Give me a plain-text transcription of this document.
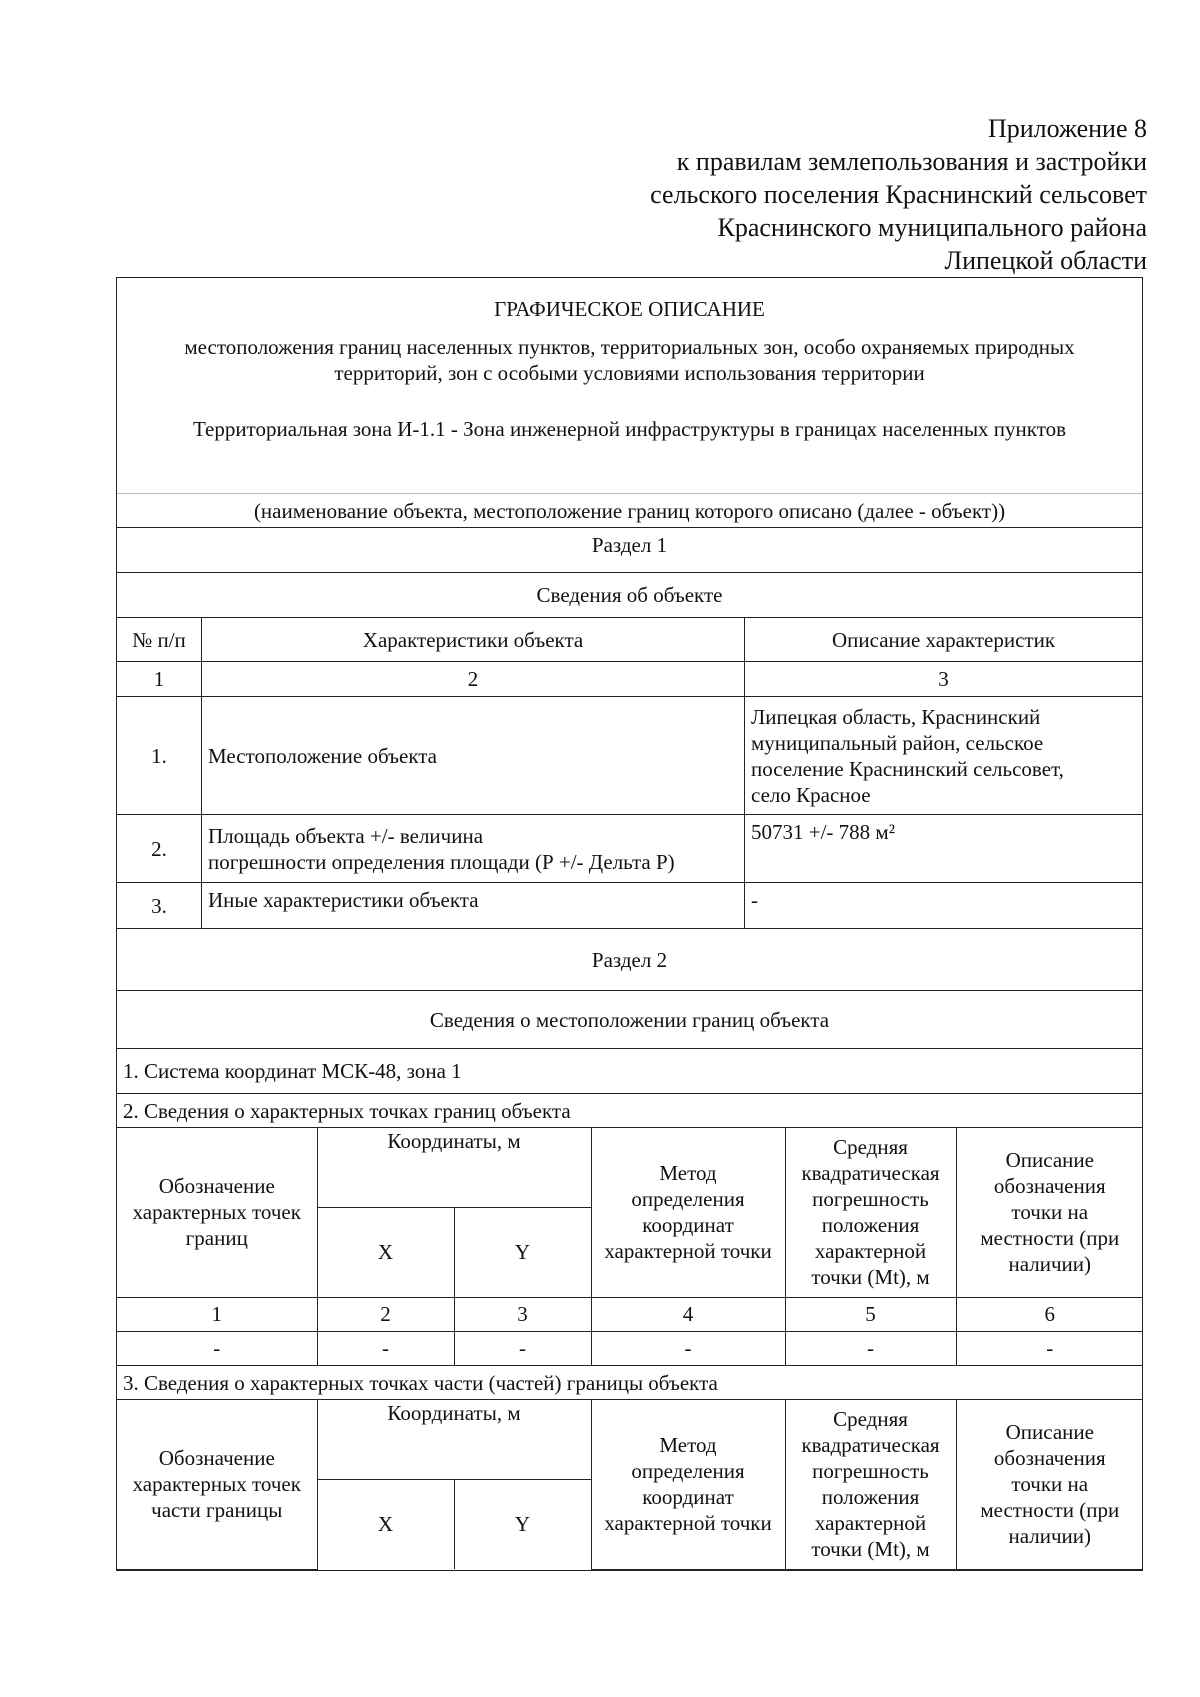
Приложение 8
к правилам землепользования и застройки
сельского поселения Краснинский сельсовет
Краснинского муниципального района
Липецкой области
ГРАФИЧЕСКОЕ ОПИСАНИЕ
местоположения границ населенных пунктов, территориальных зон, особо охраняемых природных
территорий, зон с особыми условиями использования территории
Территориальная зона И-1.1 - Зона инженерной инфраструктуры в границах населенных пунктов

(наименование объекта, местоположение границ которого описано (далее - объект))
Раздел 1
Сведения об объекте
№ п/п	Характеристики объекта	Описание характеристик
1	2	3
1.	Местоположение объекта	Липецкая область, Краснинский
муниципальный район, сельское
поселение Краснинский сельсовет,
село Красное
2.	Площадь объекта +/- величина
погрешности определения площади (Р +/- Дельта Р)	50731 +/- 788 м²
3.	Иные характеристики объекта	-
Раздел 2
Сведения о местоположении границ объекта
1. Система координат МСК-48, зона 1
2. Сведения о характерных точках границ объекта

Обозначение
характерных точек
границ	Координаты, м	Метод
определения
координат
характерной точки	Средняя
квадратическая
погрешность
положения
характерной
точки (Mt), м	Описание
обозначения
точки на
местности (при
наличии)
X	Y
1	2	3	4	5	6
-	-	-	-	-	-

3. Сведения о характерных точках части (частей) границы объекта

Обозначение
характерных точек
части границы	Координаты, м	Метод
определения
координат
характерной точки	Средняя
квадратическая
погрешность
положения
характерной
точки (Mt), м	Описание
обозначения
точки на
местности (при
наличии)
X	Y
